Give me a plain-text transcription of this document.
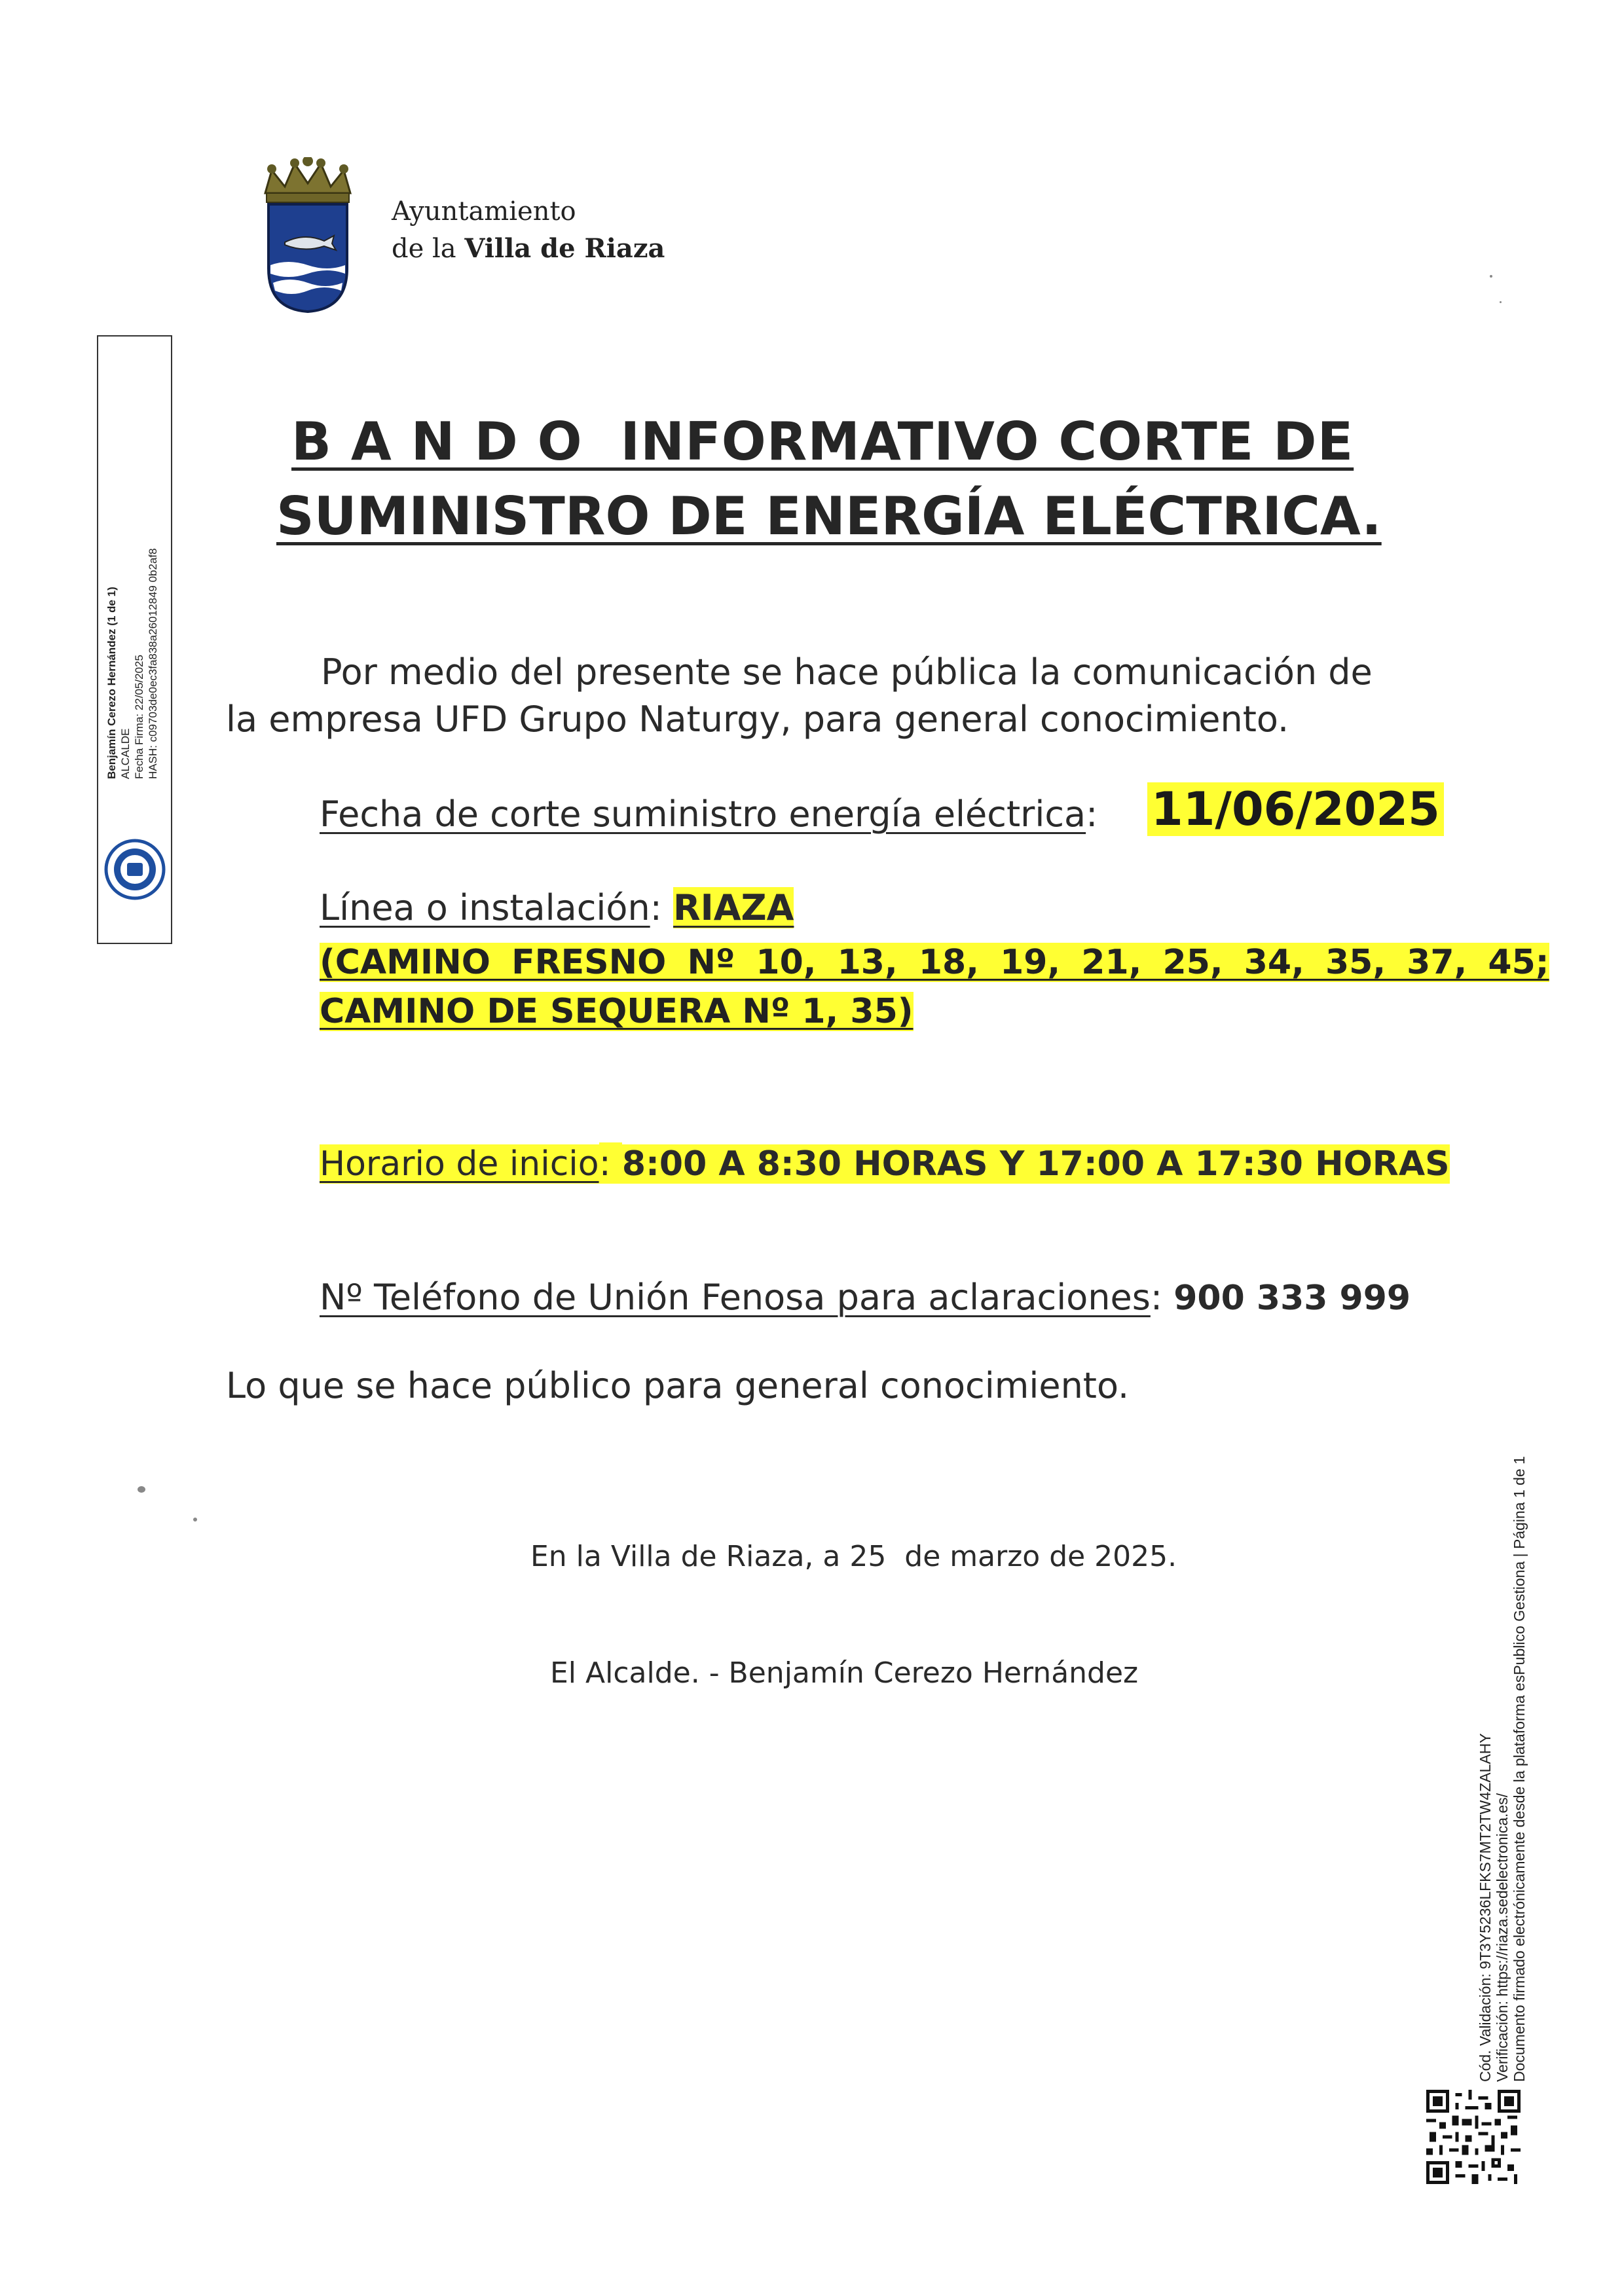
Ayuntamiento
de la Villa de Riaza
Benjamín Cerezo Hernández (1 de 1) ALCALDE Fecha Firma: 22/05/2025 HASH: c09703de0ec3fa838a26012849 0b2af8
B A N D O  INFORMATIVO CORTE DE
SUMINISTRO DE ENERGÍA ELÉCTRICA.
Por medio del presente se hace pública la comunicación de
la empresa UFD Grupo Naturgy, para general conocimiento.
Fecha de corte suministro energía eléctrica: 11/06/2025
Línea o instalación: RIAZA
(CAMINO FRESNO Nº 10, 13, 18, 19, 21, 25, 34, 35, 37, 45;
CAMINO DE SEQUERA Nº 1, 35)
Horario de inicio: 8:00 A 8:30 HORAS Y 17:00 A 17:30 HORAS
Nº Teléfono de Unión Fenosa para aclaraciones: 900 333 999
Lo que se hace público para general conocimiento.
En la Villa de Riaza, a 25  de marzo de 2025.
El Alcalde. - Benjamín Cerezo Hernández
Cód. Validación: 9T3Y5236LFKS7MT2TW4ZALAHY Verificación: https://riaza.sedelectronica.es/ Documento firmado electrónicamente desde la plataforma esPublico Gestiona | Página 1 de 1
